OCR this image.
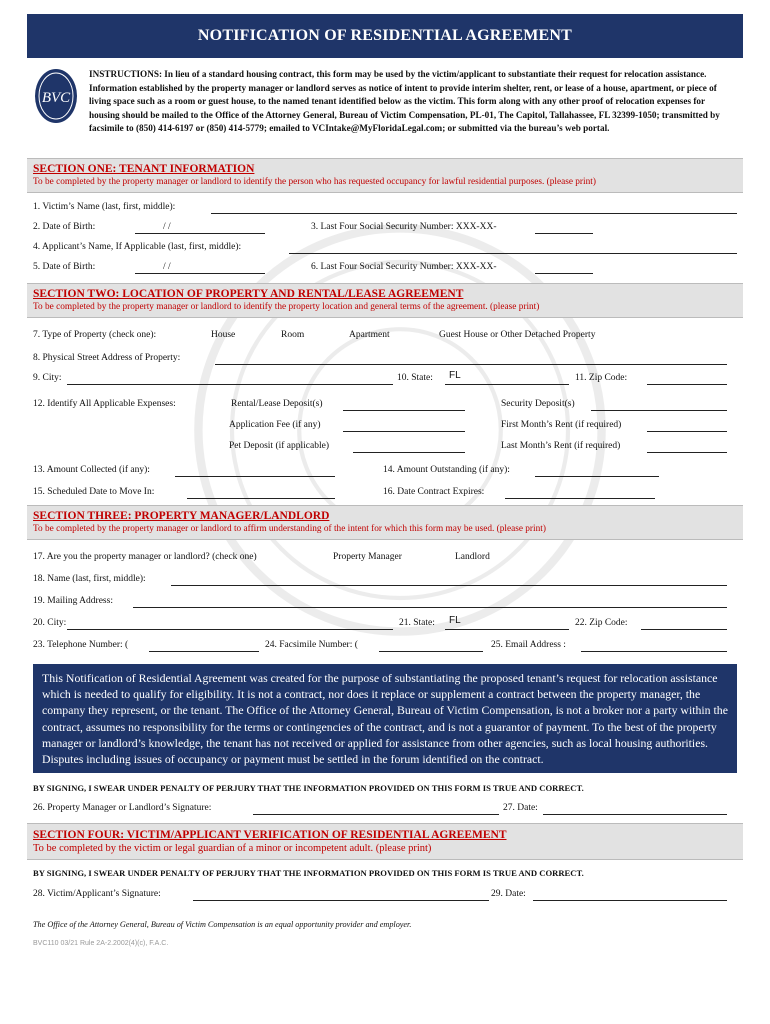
NOTIFICATION OF RESIDENTIAL AGREEMENT
BVC
INSTRUCTIONS: In lieu of a standard housing contract, this form may be used by the victim/applicant to substantiate their request for relocation assistance. Information established by the property manager or landlord serves as notice of intent to provide interim shelter, rent, or lease of a house, apartment, or piece of living space such as a room or guest house, to the named tenant identified below as the victim. This form along with any other proof of relocation expenses for housing should be mailed to the Office of the Attorney General, Bureau of Victim Compensation, PL-01, The Capitol, Tallahassee, FL 32399-1050; transmitted by facsimile to (850) 414-6197 or (850) 414-5779; emailed to VCIntake@MyFloridaLegal.com; or submitted via the bureau’s web portal.
SECTION ONE: TENANT INFORMATION
To be completed by the property manager or landlord to identify the person who has requested occupancy for lawful residential purposes. (please print)
1. Victim’s Name (last, first, middle):
2. Date of Birth:	/ /	3. Last Four Social Security Number: XXX-XX-
4. Applicant’s Name, If Applicable (last, first, middle):
5. Date of Birth:	/ /	6. Last Four Social Security Number: XXX-XX-
SECTION TWO: LOCATION OF PROPERTY AND RENTAL/LEASE AGREEMENT
To be completed by the property manager or landlord to identify the property location and general terms of the agreement. (please print)
7. Type of Property (check one):	House	Room	Apartment	Guest House or Other Detached Property
8. Physical Street Address of Property:
9. City:	10. State: FL	11. Zip Code:
12. Identify All Applicable Expenses:	Rental/Lease Deposit(s)	Security Deposit(s)
Application Fee (if any)	First Month’s Rent (if required)
Pet Deposit (if applicable)	Last Month’s Rent (if required)
13. Amount Collected (if any):	14. Amount Outstanding (if any):
15. Scheduled Date to Move In:	16. Date Contract Expires:
SECTION THREE: PROPERTY MANAGER/LANDLORD
To be completed by the property manager or landlord to affirm understanding of the intent for which this form may be used. (please print)
17. Are you the property manager or landlord? (check one)	Property Manager	Landlord
18. Name (last, first, middle):
19. Mailing Address:
20. City:	21. State: FL	22. Zip Code:
23. Telephone Number: (	24. Facsimile Number: (	25. Email Address :
This Notification of Residential Agreement was created for the purpose of substantiating the proposed tenant’s request for relocation assistance which is needed to qualify for eligibility. It is not a contract, nor does it replace or supplement a contract between the property manager, the company they represent, or the tenant. The Office of the Attorney General, Bureau of Victim Compensation, is not a broker nor a party within the contract, assumes no responsibility for the terms or contingencies of the contract, and is not a guarantor of payment. To the best of the property manager or landlord’s knowledge, the tenant has not received or applied for assistance from other agencies, such as local housing authorities. Disputes including issues of occupancy or payment must be settled in the forum identified on the contract.
BY SIGNING, I SWEAR UNDER PENALTY OF PERJURY THAT THE INFORMATION PROVIDED ON THIS FORM IS TRUE AND CORRECT.
26. Property Manager or Landlord’s Signature:	27. Date:
SECTION FOUR: VICTIM/APPLICANT VERIFICATION OF RESIDENTIAL AGREEMENT
To be completed by the victim or legal guardian of a minor or incompetent adult. (please print)
BY SIGNING, I SWEAR UNDER PENALTY OF PERJURY THAT THE INFORMATION PROVIDED ON THIS FORM IS TRUE AND CORRECT.
28. Victim/Applicant’s Signature:	29. Date:
The Office of the Attorney General, Bureau of Victim Compensation is an equal opportunity provider and employer.
BVC110 03/21 Rule 2A-2.2002(4)(c), F.A.C.
